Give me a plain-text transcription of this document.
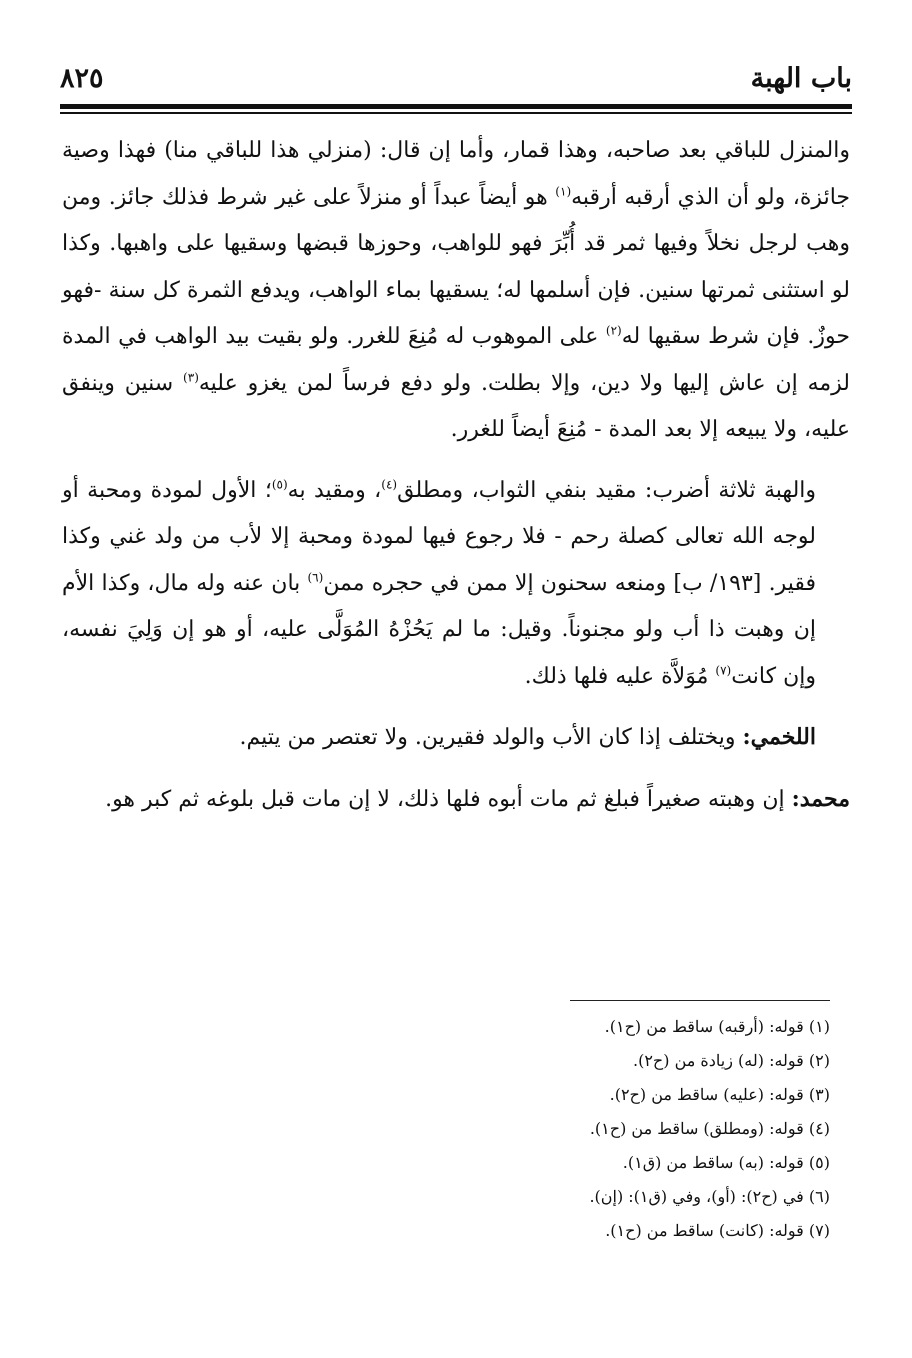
باب الهبة
٨٢٥

والمنزل للباقي بعد صاحبه، وهذا قمار، وأما إن قال: (منزلي هذا للباقي منا) فهذا وصية جائزة، ولو أن الذي أرقبه أرقبه$^{(١)}$ هو أيضاً عبداً أو منزلاً على غير شرط فذلك جائز. ومن وهب لرجل نخلاً وفيها ثمر قد أُبِّرَ فهو للواهب، وحوزها قبضها وسقيها على واهبها. وكذا لو استثنى ثمرتها سنين. فإن أسلمها له؛ يسقيها بماء الواهب، ويدفع الثمرة كل سنة -فهو حوزٌ. فإن شرط سقيها له$^{(٢)}$ على الموهوب له مُنِعَ للغرر. ولو بقيت بيد الواهب في المدة لزمه إن عاش إليها ولا دين، وإلا بطلت. ولو دفع فرساً لمن يغزو عليه$^{(٣)}$ سنين وينفق عليه، ولا يبيعه إلا بعد المدة - مُنِعَ أيضاً للغرر.

والهبة ثلاثة أضرب: مقيد بنفي الثواب، ومطلق$^{(٤)}$، ومقيد به$^{(٥)}$؛ الأول لمودة ومحبة أو لوجه الله تعالى كصلة رحم - فلا رجوع فيها لمودة ومحبة إلا لأب من ولد غني وكذا فقير. [١٩٣/ ب] ومنعه سحنون إلا ممن في حجره ممن$^{(٦)}$ بان عنه وله مال، وكذا الأم إن وهبت ذا أب ولو مجنوناً. وقيل: ما لم يَحُزْهُ المُوَلَّى عليه، أو هو إن وَلِيَ نفسه، وإن كانت$^{(٧)}$ مُوَلاَّة عليه فلها ذلك.

اللخمي: ويختلف إذا كان الأب والولد فقيرين. ولا تعتصر من يتيم.

محمد: إن وهبته صغيراً فبلغ ثم مات أبوه فلها ذلك، لا إن مات قبل بلوغه ثم كبر هو.

(١) قوله: (أرقبه) ساقط من (ح١).
(٢) قوله: (له) زيادة من (ح٢).
(٣) قوله: (عليه) ساقط من (ح٢).
(٤) قوله: (ومطلق) ساقط من (ح١).
(٥) قوله: (به) ساقط من (ق١).
(٦) في (ح٢): (أو)، وفي (ق١): (إن).
(٧) قوله: (كانت) ساقط من (ح١).
